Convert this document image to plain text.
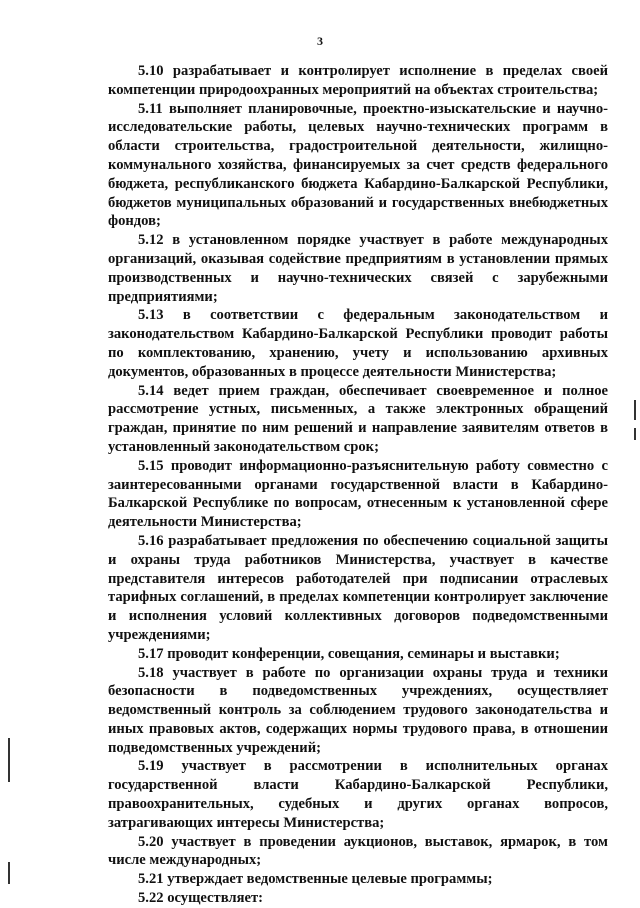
3

5.10 разрабатывает и контролирует исполнение в пределах своей компетенции природоохранных мероприятий на объектах строительства;

5.11 выполняет планировочные, проектно-изыскательские и научно-исследовательские работы, целевых научно-технических программ в области строительства, градостроительной деятельности, жилищно-коммунального хозяйства, финансируемых за счет средств федерального бюджета, республиканского бюджета Кабардино-Балкарской Республики, бюджетов муниципальных образований и государственных внебюджетных фондов;

5.12 в установленном порядке участвует в работе международных организаций, оказывая содействие предприятиям в установлении прямых производственных и научно-технических связей с зарубежными предприятиями;

5.13 в соответствии с федеральным законодательством и законодательством Кабардино-Балкарской Республики проводит работы по комплектованию, хранению, учету и использованию архивных документов, образованных в процессе деятельности Министерства;

5.14 ведет прием граждан, обеспечивает своевременное и полное рассмотрение устных, письменных, а также электронных обращений граждан, принятие по ним решений и направление заявителям ответов в установленный законодательством срок;

5.15 проводит информационно-разъяснительную работу совместно с заинтересованными органами государственной власти в Кабардино-Балкарской Республике по вопросам, отнесенным к установленной сфере деятельности Министерства;

5.16 разрабатывает предложения по обеспечению социальной защиты и охраны труда работников Министерства, участвует в качестве представителя интересов работодателей при подписании отраслевых тарифных соглашений, в пределах компетенции контролирует заключение и исполнения условий коллективных договоров подведомственными учреждениями;

5.17 проводит конференции, совещания, семинары и выставки;

5.18 участвует в работе по организации охраны труда и техники безопасности в подведомственных учреждениях, осуществляет ведомственный контроль за соблюдением трудового законодательства и иных правовых актов, содержащих нормы трудового права, в отношении подведомственных учреждений;

5.19 участвует в рассмотрении в исполнительных органах государственной власти Кабардино-Балкарской Республики, правоохранительных, судебных и других органах вопросов, затрагивающих интересы Министерства;

5.20 участвует в проведении аукционов, выставок, ярмарок, в том числе международных;

5.21 утверждает ведомственные целевые программы;

5.22 осуществляет:
